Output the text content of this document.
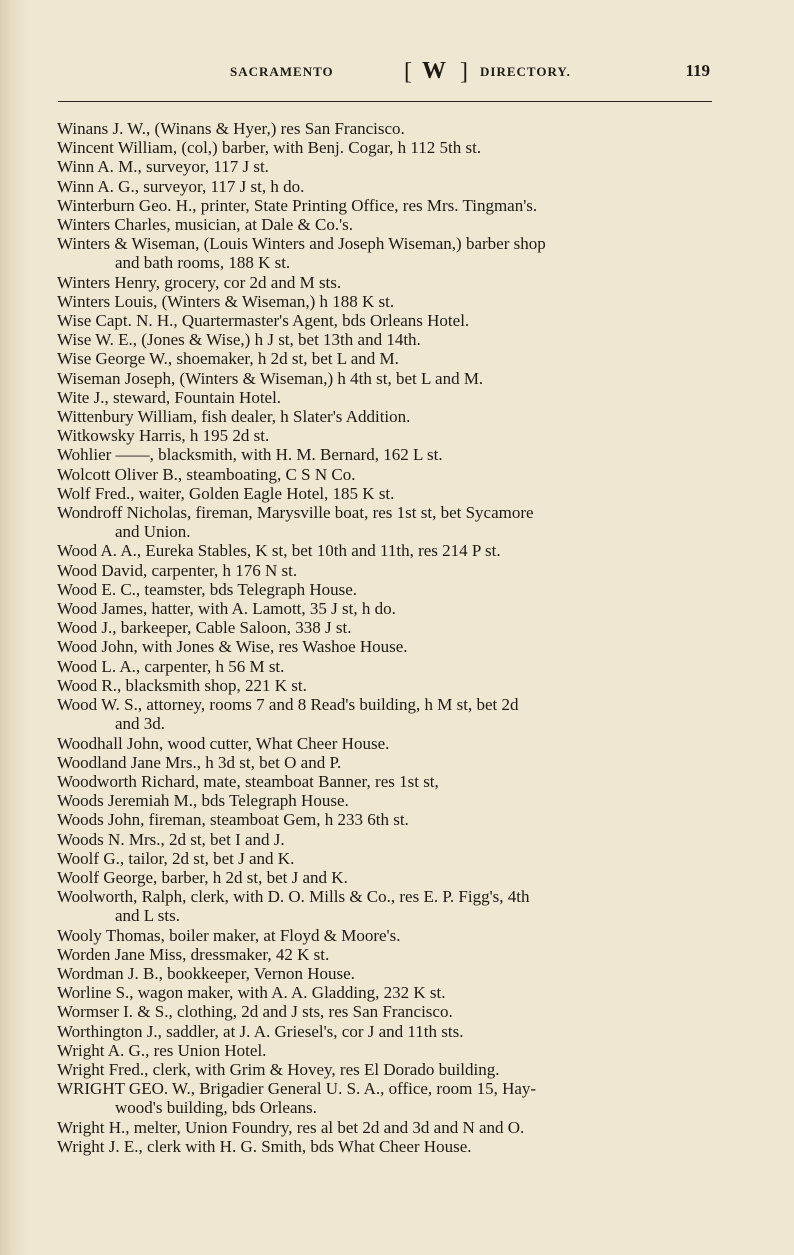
SACRAMENTO	[ W ] DIRECTORY.	119
Winans J. W., (Winans & Hyer,) res San Francisco.
Wincent William, (col,) barber, with Benj. Cogar, h 112 5th st.
Winn A. M., surveyor, 117 J st.
Winn A. G., surveyor, 117 J st, h do.
Winterburn Geo. H., printer, State Printing Office, res Mrs. Tingman's.
Winters Charles, musician, at Dale & Co.'s.
Winters & Wiseman, (Louis Winters and Joseph Wiseman,) barber shop
and bath rooms, 188 K st.
Winters Henry, grocery, cor 2d and M sts.
Winters Louis, (Winters & Wiseman,) h 188 K st.
Wise Capt. N. H., Quartermaster's Agent, bds Orleans Hotel.
Wise W. E., (Jones & Wise,) h J st, bet 13th and 14th.
Wise George W., shoemaker, h 2d st, bet L and M.
Wiseman Joseph, (Winters & Wiseman,) h 4th st, bet L and M.
Wite J., steward, Fountain Hotel.
Wittenbury William, fish dealer, h Slater's Addition.
Witkowsky Harris, h 195 2d st.
Wohlier ——, blacksmith, with H. M. Bernard, 162 L st.
Wolcott Oliver B., steamboating, C S N Co.
Wolf Fred., waiter, Golden Eagle Hotel, 185 K st.
Wondroff Nicholas, fireman, Marysville boat, res 1st st, bet Sycamore
and Union.
Wood A. A., Eureka Stables, K st, bet 10th and 11th, res 214 P st.
Wood David, carpenter, h 176 N st.
Wood E. C., teamster, bds Telegraph House.
Wood James, hatter, with A. Lamott, 35 J st, h do.
Wood J., barkeeper, Cable Saloon, 338 J st.
Wood John, with Jones & Wise, res Washoe House.
Wood L. A., carpenter, h 56 M st.
Wood R., blacksmith shop, 221 K st.
Wood W. S., attorney, rooms 7 and 8 Read's building, h M st, bet 2d
and 3d.
Woodhall John, wood cutter, What Cheer House.
Woodland Jane Mrs., h 3d st, bet O and P.
Woodworth Richard, mate, steamboat Banner, res 1st st,
Woods Jeremiah M., bds Telegraph House.
Woods John, fireman, steamboat Gem, h 233 6th st.
Woods N. Mrs., 2d st, bet I and J.
Woolf G., tailor, 2d st, bet J and K.
Woolf George, barber, h 2d st, bet J and K.
Woolworth, Ralph, clerk, with D. O. Mills & Co., res E. P. Figg's, 4th
and L sts.
Wooly Thomas, boiler maker, at Floyd & Moore's.
Worden Jane Miss, dressmaker, 42 K st.
Wordman J. B., bookkeeper, Vernon House.
Worline S., wagon maker, with A. A. Gladding, 232 K st.
Wormser I. & S., clothing, 2d and J sts, res San Francisco.
Worthington J., saddler, at J. A. Griesel's, cor J and 11th sts.
Wright A. G., res Union Hotel.
Wright Fred., clerk, with Grim & Hovey, res El Dorado building.
WRIGHT GEO. W., Brigadier General U. S. A., office, room 15, Hay-
wood's building, bds Orleans.
Wright H., melter, Union Foundry, res al bet 2d and 3d and N and O.
Wright J. E., clerk with H. G. Smith, bds What Cheer House.
